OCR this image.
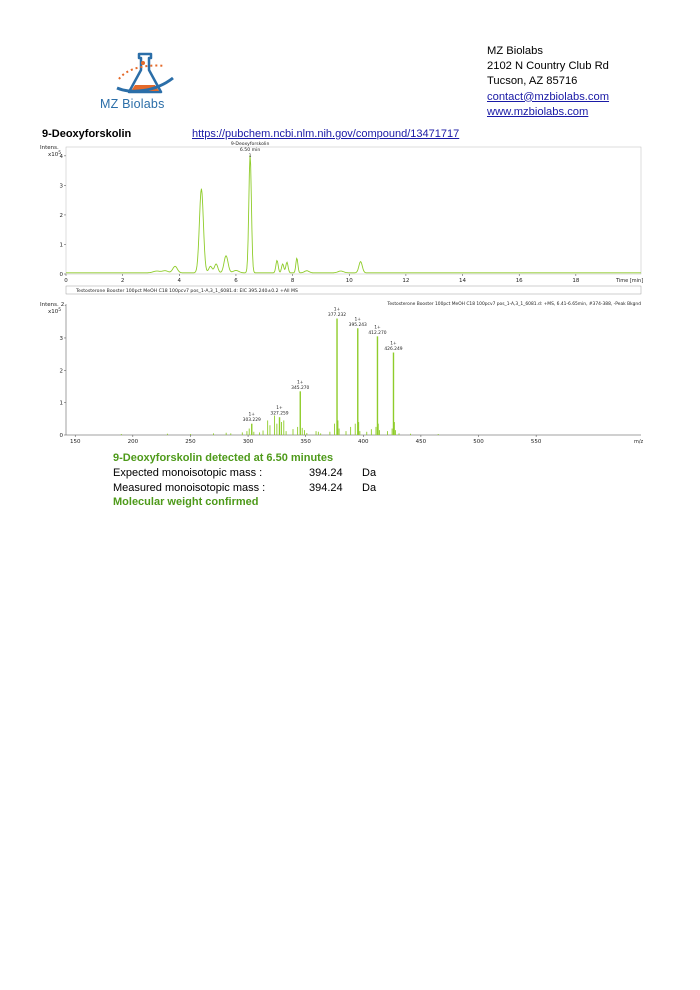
MZ Biolabs
MZ Biolabs
2102 N Country Club Rd
Tucson, AZ 85716
contact@mzbiolabs.com
www.mzbiolabs.com
9-Deoxyforskolin	https://pubchem.ncbi.nlm.nih.gov/compound/13471717
Intens.
$x10^5$
0	2	4	6	8	10	12	14	16	18
0
1
2
3
4
9-Deoxyforskolin
6.50 min
1
Time [min]
Testosterone Booster 100pct MeOH C18 100pcv7 pos_1-A,3_1_6081.d: EIC 395.240±0.2 +All MS
Intens. 2.
$x10^5$
Testosterone Booster 100pct MeOH C18 100pcv7 pos_1-A,3_1_6081.d: +MS, 6.41-6.65min, #374-388, -Peak Bkgnd
150	200	250	300	350	400	450	500	550
0
1
2
3
1+
303.229
1+
327.259
1+
345.270
1+
377.232
1+
395.243
1+
412.270
1+
426.249
m/z
9-Deoxyforskolin detected at 6.50 minutes
Expected monoisotopic mass :	394.24 Da
Measured monoisotopic mass :	394.24 Da
Molecular weight confirmed
